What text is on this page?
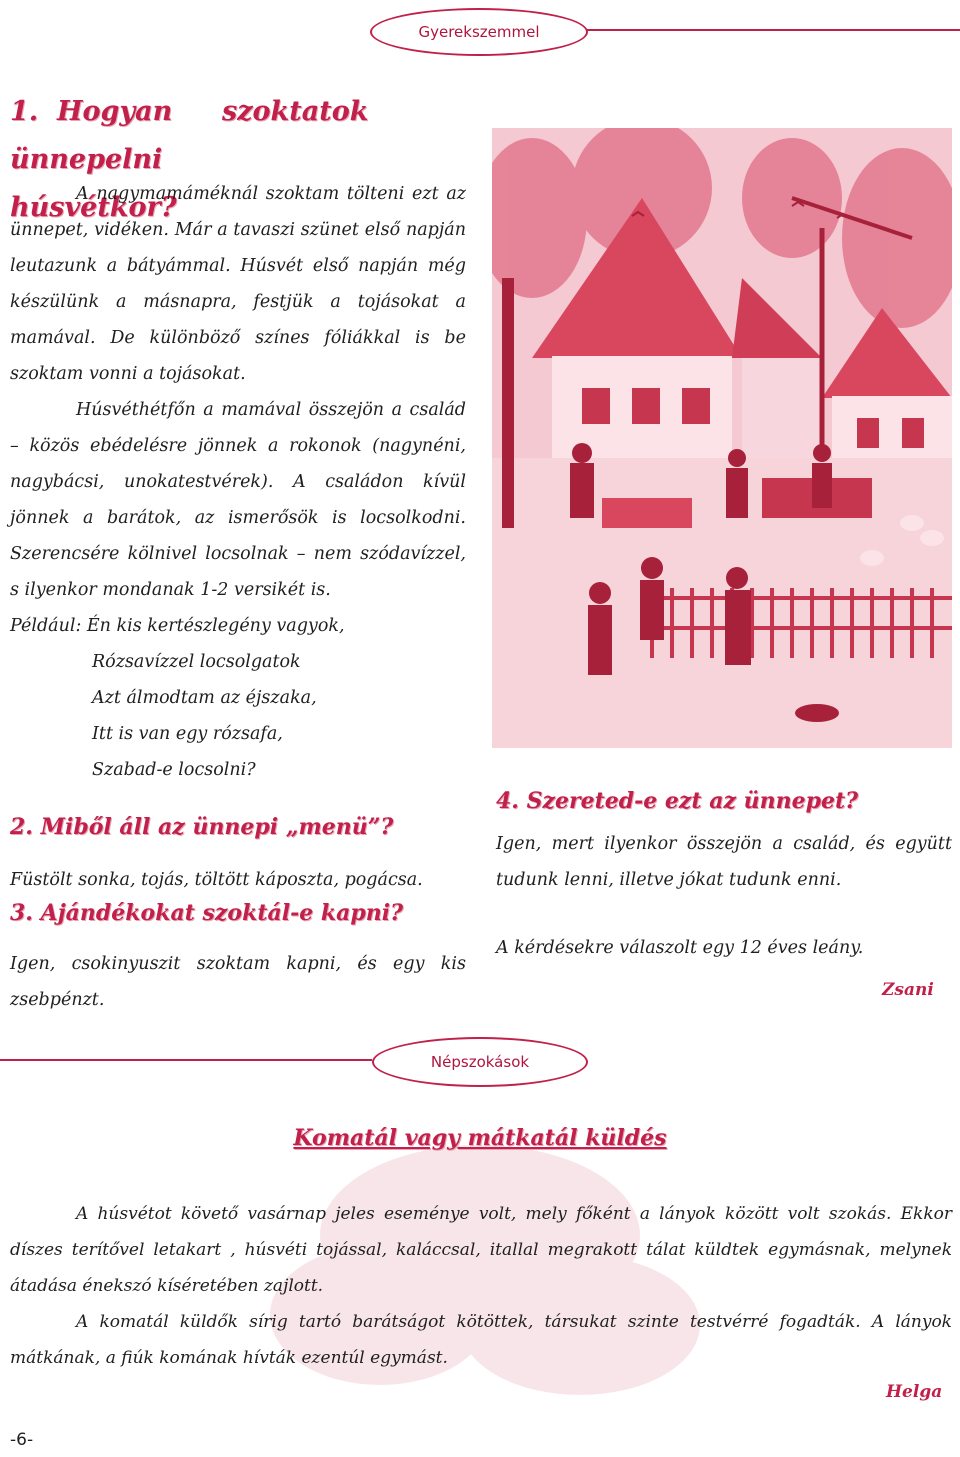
Gyerekszemmel
1. Hogyan szoktatokünnepelni
húsvétkor?
A nagymamáméknál szoktam tölteni ezt az ünnepet, vidéken. Már a tavaszi szünet első napján leutazunk a bátyámmal. Húsvét első napján még készülünk a másnapra, festjük a tojásokat a mamával. De különböző színes fóliákkal is be szoktam vonni a tojásokat.
Húsvéthétfőn a mamával összejön a család – közös ebédelésre jönnek a rokonok (nagynéni, nagybácsi, unokatestvérek). A családon kívül jönnek a barátok, az ismerősök is locsolkodni. Szerencsére kölnivel locsolnak – nem szódavízzel, s ilyenkor mondanak 1-2 versikét is.
Például: Én kis kertészlegény vagyok,
Rózsavízzel locsolgatok
Azt álmodtam az éjszaka,
Itt is van egy rózsafa,
Szabad-e locsolni?
2. Miből áll az ünnepi „menü”?
Füstölt sonka, tojás, töltött káposzta, pogácsa.
3. Ajándékokat szoktál-e kapni?
Igen, csokinyuszit szoktam kapni, és egy kis zsebpénzt.
4. Szereted-e ezt az ünnepet?
Igen, mert ilyenkor összejön a család, és együtt tudunk lenni, illetve jókat tudunk enni.
A kérdésekre válaszolt egy 12 éves leány.
Zsani
Népszokások
Komatál vagy mátkatál küldés
A húsvétot követő vasárnap jeles eseménye volt, mely főként a lányok között volt szokás. Ekkor díszes terítővel letakart , húsvéti tojással, kaláccsal, itallal megrakott tálat küldtek egymásnak, melynek átadása énekszó kíséretében zajlott.
A komatál küldők sírig tartó barátságot kötöttek, társukat szinte testvérré fogadták. A lányok mátkának, a fiúk komának hívták ezentúl egymást.
Helga
-6-
